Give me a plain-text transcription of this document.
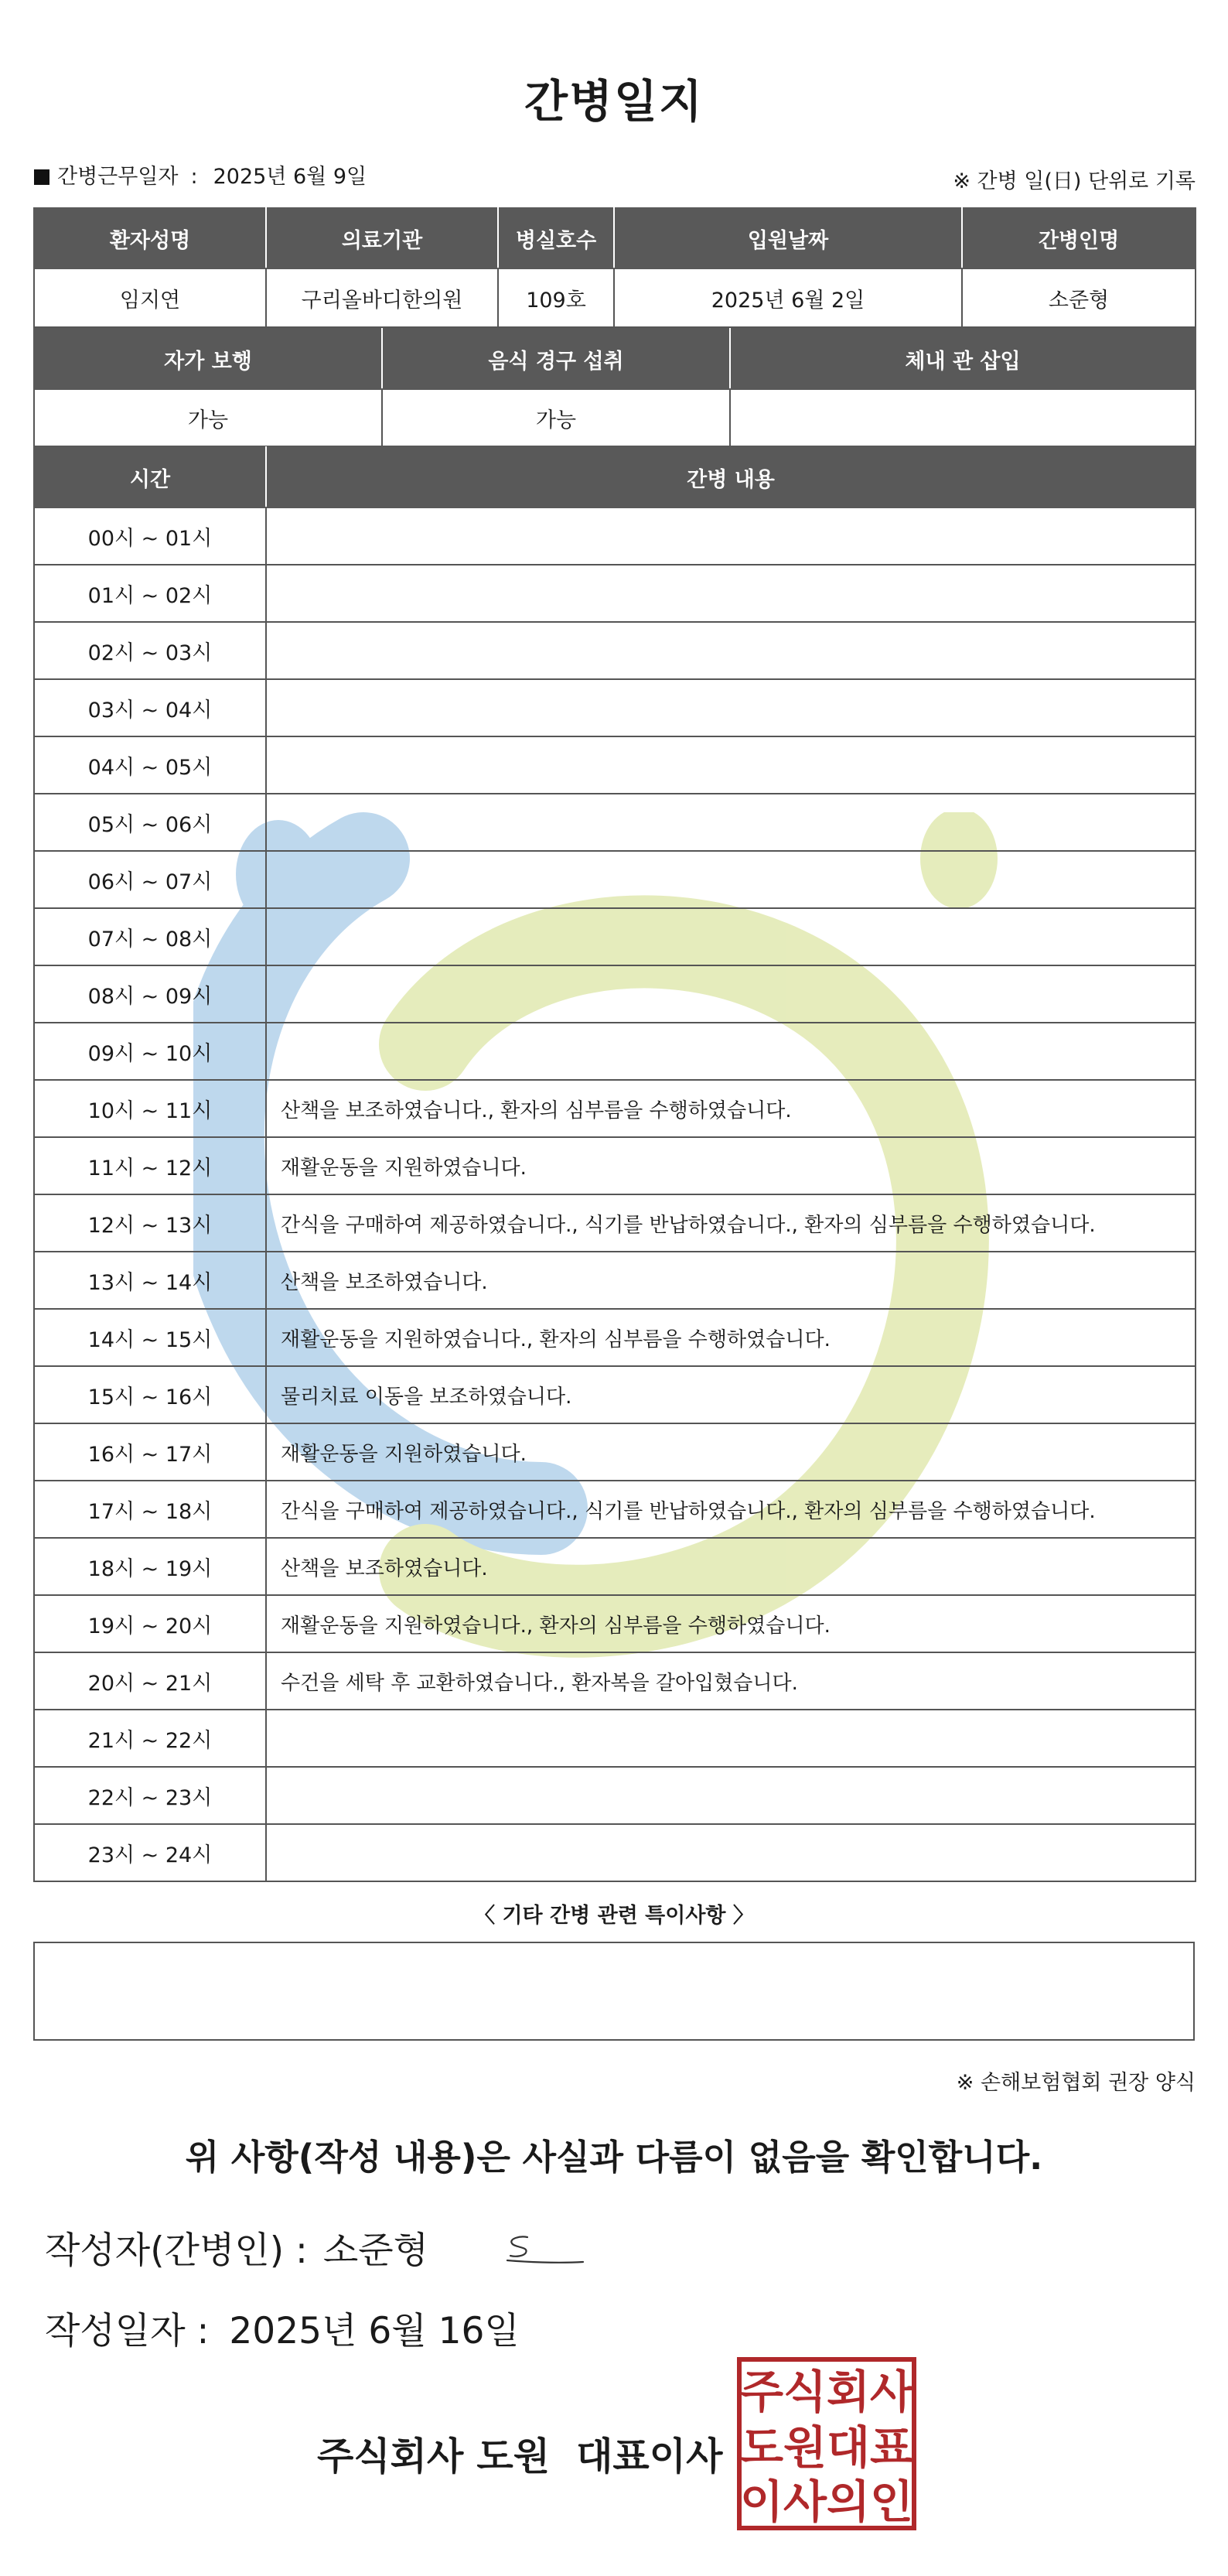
간병일지
간병근무일자 : 2025년 6월 9일	※ 간병 일(日) 단위로 기록
환자성명	의료기관	병실호수	입원날짜	간병인명
임지연	구리올바디한의원	109호	2025년 6월 2일	소준형
자가 보행	음식 경구 섭취	체내 관 삽입
가능	가능	
시간	간병 내용
00시 ~ 01시	
01시 ~ 02시	
02시 ~ 03시	
03시 ~ 04시	
04시 ~ 05시	
05시 ~ 06시	
06시 ~ 07시	
07시 ~ 08시	
08시 ~ 09시	
09시 ~ 10시	
10시 ~ 11시	산책을 보조하였습니다., 환자의 심부름을 수행하였습니다.
11시 ~ 12시	재활운동을 지원하였습니다.
12시 ~ 13시	간식을 구매하여 제공하였습니다., 식기를 반납하였습니다., 환자의 심부름을 수행하였습니다.
13시 ~ 14시	산책을 보조하였습니다.
14시 ~ 15시	재활운동을 지원하였습니다., 환자의 심부름을 수행하였습니다.
15시 ~ 16시	물리치료 이동을 보조하였습니다.
16시 ~ 17시	재활운동을 지원하였습니다.
17시 ~ 18시	간식을 구매하여 제공하였습니다., 식기를 반납하였습니다., 환자의 심부름을 수행하였습니다.
18시 ~ 19시	산책을 보조하였습니다.
19시 ~ 20시	재활운동을 지원하였습니다., 환자의 심부름을 수행하였습니다.
20시 ~ 21시	수건을 세탁 후 교환하였습니다., 환자복을 갈아입혔습니다.
21시 ~ 22시	
22시 ~ 23시	
23시 ~ 24시	
〈 기타 간병 관련 특이사항 〉
※ 손해보험협회 권장 양식
위 사항(작성 내용)은 사실과 다름이 없음을 확인합니다.
작성자(간병인) : 소준형
작성일자 : 2025년 6월 16일
주식회사 도원 대표이사
주 식 회 사
도 원 대 표
이 사 의 인
